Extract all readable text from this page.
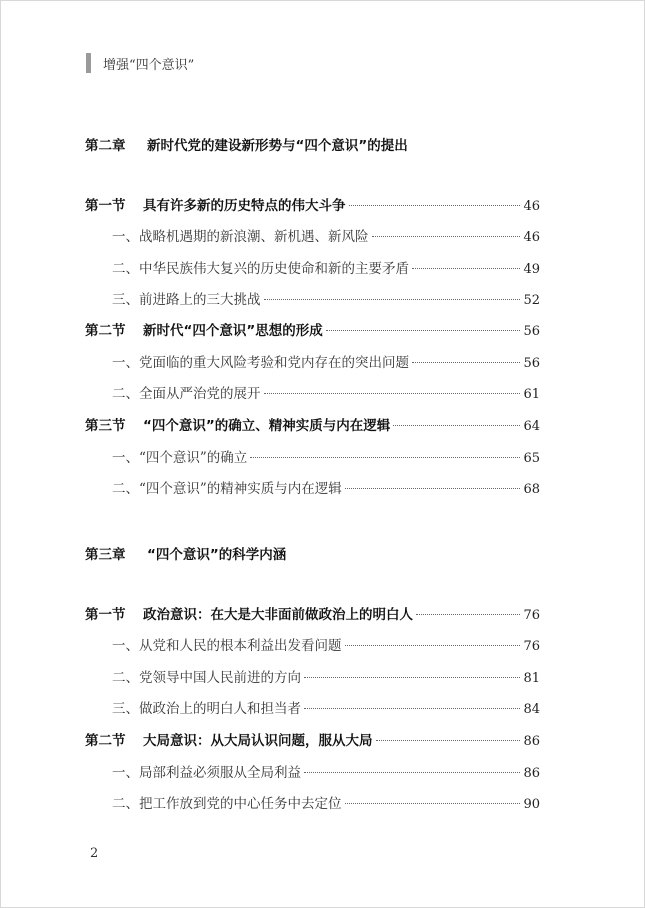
增强“四个意识”
第二章 新时代党的建设新形势与“四个意识”的提出
第一节	具有许多新的历史特点的伟大斗争	46
一、战略机遇期的新浪潮、新机遇、新风险	46
二、中华民族伟大复兴的历史使命和新的主要矛盾	49
三、前进路上的三大挑战	52
第二节	新时代“四个意识”思想的形成	56
一、党面临的重大风险考验和党内存在的突出问题	56
二、全面从严治党的展开	61
第三节	“四个意识”的确立、精神实质与内在逻辑	64
一、“四个意识”的确立	65
二、“四个意识”的精神实质与内在逻辑	68
第三章 “四个意识”的科学内涵
第一节	政治意识：在大是大非面前做政治上的明白人	76
一、从党和人民的根本利益出发看问题	76
二、党领导中国人民前进的方向	81
三、做政治上的明白人和担当者	84
第二节	大局意识：从大局认识问题，服从大局	86
一、局部利益必须服从全局利益	86
二、把工作放到党的中心任务中去定位	90
2
